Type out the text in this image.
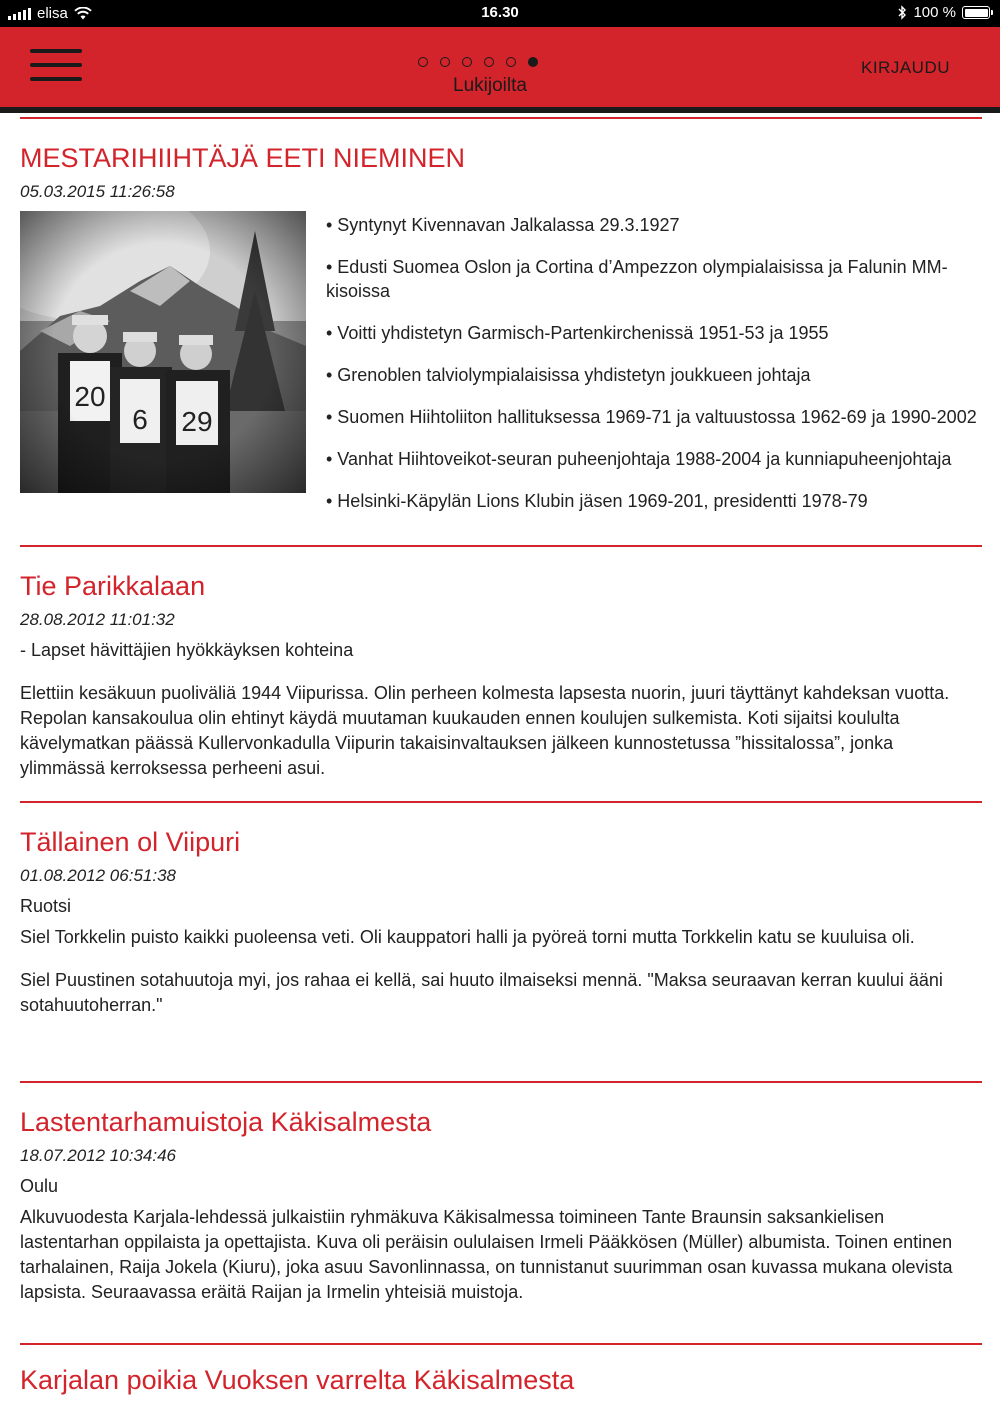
elisa	16.30	100 %
Lukijoilta
KIRJAUDU
MESTARIHIIHTÄJÄ EETI NIEMINEN
05.03.2015 11:26:58

• Syntynyt Kivennavan Jalkalassa 29.3.1927

• Edusti Suomea Oslon ja Cortina d’Ampezzon olympialaisissa ja Falunin MM-kisoissa

• Voitti yhdistetyn Garmisch-Partenkirchenissä 1951-53 ja 1955

• Grenoblen talviolympialaisissa yhdistetyn joukkueen johtaja

• Suomen Hiihtoliiton hallituksessa 1969-71 ja valtuustossa 1962-69 ja 1990-2002

• Vanhat Hiihtoveikot-seuran puheenjohtaja 1988-2004 ja kunniapuheenjohtaja

• Helsinki-Käpylän Lions Klubin jäsen 1969-201, presidentti 1978-79

Tie Parikkalaan
28.08.2012 11:01:32
- Lapset hävittäjien hyökkäyksen kohteina

Elettiin kesäkuun puoliväliä 1944 Viipurissa. Olin perheen kolmesta lapsesta nuorin, juuri täyttänyt kahdeksan vuotta. Repolan kansakoulua olin ehtinyt käydä muutaman kuukauden ennen koulujen sulkemista. Koti sijaitsi koululta kävelymatkan päässä Kullervonkadulla Viipurin takaisinvaltauksen jälkeen kunnostetussa ”hissitalossa”, jonka ylimmässä kerroksessa perheeni asui.

Tällainen ol Viipuri
01.08.2012 06:51:38
Ruotsi

Siel Torkkelin puisto kaikki puoleensa veti. Oli kauppatori halli ja pyöreä torni mutta Torkkelin katu se kuuluisa oli.

Siel Puustinen sotahuutoja myi, jos rahaa ei kellä, sai huuto ilmaiseksi mennä. "Maksa seuraavan kerran kuului ääni sotahuutoherran."

Lastentarhamuistoja Käkisalmesta
18.07.2012 10:34:46
Oulu

Alkuvuodesta Karjala-lehdessä julkaistiin ryhmäkuva Käkisalmessa toimineen Tante Braunsin saksankielisen lastentarhan oppilaista ja opettajista. Kuva oli peräisin oululaisen Irmeli Pääkkösen (Müller) albumista. Toinen entinen tarhalainen, Raija Jokela (Kiuru), joka asuu Savonlinnassa, on tunnistanut suurimman osan kuvassa mukana olevista lapsista. Seuraavassa eräitä Raijan ja Irmelin yhteisiä muistoja.

Karjalan poikia Vuoksen varrelta Käkisalmesta
